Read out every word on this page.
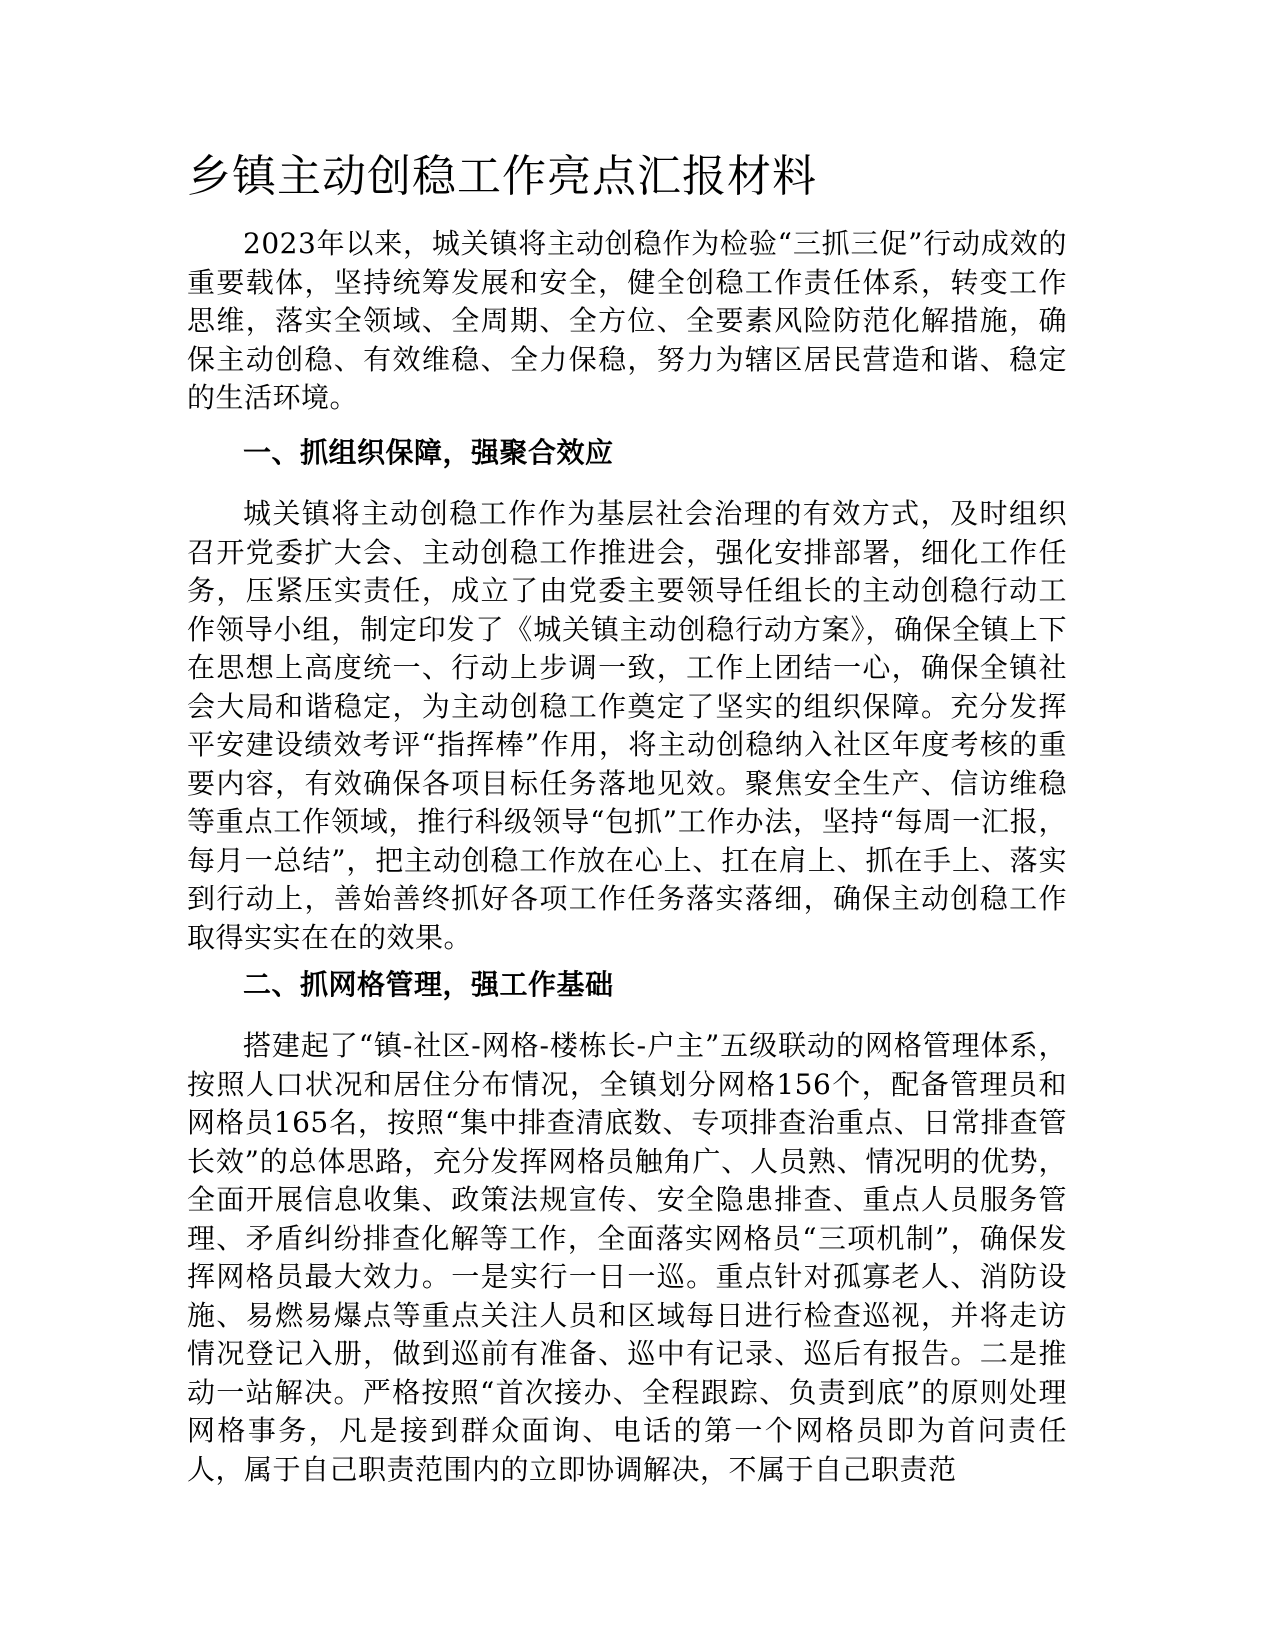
乡镇主动创稳工作亮点汇报材料

2023年以来，城关镇将主动创稳作为检验“三抓三促”行动成效的重要载体，坚持统筹发展和安全，健全创稳工作责任体系，转变工作思维，落实全领域、全周期、全方位、全要素风险防范化解措施，确保主动创稳、有效维稳、全力保稳，努力为辖区居民营造和谐、稳定的生活环境。

一、抓组织保障，强聚合效应

城关镇将主动创稳工作作为基层社会治理的有效方式，及时组织召开党委扩大会、主动创稳工作推进会，强化安排部署，细化工作任务，压紧压实责任，成立了由党委主要领导任组长的主动创稳行动工作领导小组，制定印发了《城关镇主动创稳行动方案》，确保全镇上下在思想上高度统一、行动上步调一致，工作上团结一心，确保全镇社会大局和谐稳定，为主动创稳工作奠定了坚实的组织保障。充分发挥平安建设绩效考评“指挥棒”作用，将主动创稳纳入社区年度考核的重要内容，有效确保各项目标任务落地见效。聚焦安全生产、信访维稳等重点工作领域，推行科级领导“包抓”工作办法，坚持“每周一汇报，每月一总结”，把主动创稳工作放在心上、扛在肩上、抓在手上、落实到行动上，善始善终抓好各项工作任务落实落细，确保主动创稳工作取得实实在在的效果。

二、抓网格管理，强工作基础

搭建起了“镇-社区-网格-楼栋长-户主”五级联动的网格管理体系，按照人口状况和居住分布情况，全镇划分网格156个，配备管理员和网格员165名，按照“集中排查清底数、专项排查治重点、日常排查管长效”的总体思路，充分发挥网格员触角广、人员熟、情况明的优势，全面开展信息收集、政策法规宣传、安全隐患排查、重点人员服务管理、矛盾纠纷排查化解等工作，全面落实网格员“三项机制”，确保发挥网格员最大效力。一是实行一日一巡。重点针对孤寡老人、消防设施、易燃易爆点等重点关注人员和区域每日进行检查巡视，并将走访情况登记入册，做到巡前有准备、巡中有记录、巡后有报告。二是推动一站解决。严格按照“首次接办、全程跟踪、负责到底”的原则处理网格事务，凡是接到群众面询、电话的第一个网格员即为首问责任人，属于自己职责范围内的立即协调解决，不属于自己职责范
